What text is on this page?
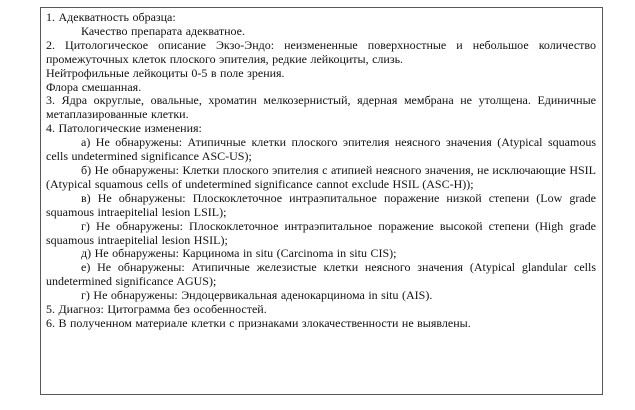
1. Адекватность образца:

Качество препарата адекватное.

2. Цитологическое описание Экзо-Эндо: неизмененные поверхностные и небольшое количество промежуточных клеток плоского эпителия, редкие лейкоциты, слизь.

Нейтрофильные лейкоциты 0-5 в поле зрения.

Флора смешанная.

3. Ядра округлые, овальные, хроматин мелкозернистый, ядерная мембрана не утолщена. Единичные метаплазированные клетки.

4. Патологические изменения:

а) Не обнаружены: Атипичные клетки плоского эпителия неясного значения (Atypical squamous cells undetermined significance ASC-US);

б) Не обнаружены: Клетки плоского эпителия с атипией неясного значения, не исключающие HSIL (Atypical squamous cells of undetermined significance cannot exclude HSIL (ASC-H));

в) Не обнаружены: Плоскоклеточное интраэпитальное поражение низкой степени (Low grade squamous intraepitelial lesion LSIL);

г) Не обнаружены: Плоскоклеточное интраэпитальное поражение высокой степени (High grade squamous intraepitelial lesion HSIL);

д) Не обнаружены: Карцинома in situ (Carcinoma in situ CIS);

е) Не обнаружены: Атипичные железистые клетки неясного значения (Atypical glandular cells undetermined significance AGUS);

г) Не обнаружены: Эндоцервикальная аденокарцинома in situ (AIS).

5. Диагноз: Цитограмма без особенностей.

6. В полученном материале клетки с признаками злокачественности не выявлены.
